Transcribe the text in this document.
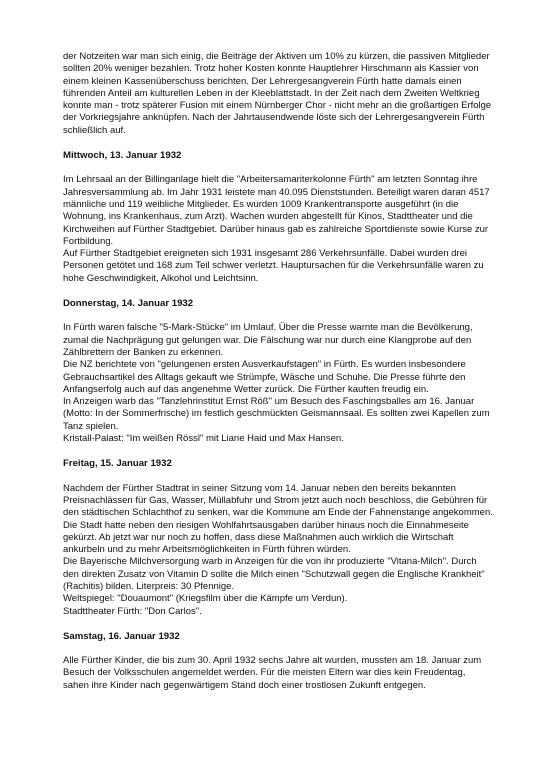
der Notzeiten war man sich einig, die Beiträge der Aktiven um 10% zu kürzen, die passiven Mitglieder sollten 20% weniger bezahlen. Trotz hoher Kosten konnte Hauptlehrer Hirschmann als Kassier von einem kleinen Kassenüberschuss berichten. Der Lehrergesangverein Fürth hatte damals einen führenden Anteil am kulturellen Leben in der Kleeblattstadt. In der Zeit nach dem Zweiten Weltkrieg konnte man - trotz späterer Fusion mit einem Nürnberger Chor - nicht mehr an die großartigen Erfolge der Vorkriegsjahre anknüpfen. Nach der Jahrtausendwende löste sich der Lehrergesangverein Fürth schließlich auf.

Mittwoch, 13. Januar 1932

Im Lehrsaal an der Billinganlage hielt die "Arbeitersamariterkolonne Fürth" am letzten Sonntag ihre Jahresversammlung ab. Im Jahr 1931 leistete man 40.095 Dienststunden. Beteiligt waren daran 4517 männliche und 119 weibliche Mitglieder. Es wurden 1009 Krankentransporte ausgeführt (in die Wohnung, ins Krankenhaus, zum Arzt). Wachen wurden abgestellt für Kinos, Stadttheater und die Kirchweihen auf Fürther Stadtgebiet. Darüber hinaus gab es zahlreiche Sportdienste sowie Kurse zur Fortbildung.

Auf Fürther Stadtgebiet ereigneten sich 1931 insgesamt 286 Verkehrsunfälle. Dabei wurden drei Personen getötet und 168 zum Teil schwer verletzt. Hauptursachen für die Verkehrsunfälle waren zu hohe Geschwindigkeit, Alkohol und Leichtsinn.

Donnerstag, 14. Januar 1932

In Fürth waren falsche "5-Mark-Stücke" im Umlauf. Über die Presse warnte man die Bevölkerung, zumal die Nachprägung gut gelungen war. Die Fälschung war nur durch eine Klangprobe auf den Zählbrettern der Banken zu erkennen.

Die NZ berichtete von "gelungenen ersten Ausverkaufstagen" in Fürth. Es wurden insbesondere Gebrauchsartikel des Alltags gekauft wie Strümpfe, Wäsche und Schuhe. Die Presse führte den Anfangserfolg auch auf das angenehme Wetter zurück. Die Fürther kauften freudig ein.

In Anzeigen warb das "Tanzlehrinstitut Ernst Röß" um Besuch des Faschingsballes am 16. Januar (Motto: In der Sommerfrische) im festlich geschmückten Geismannsaal. Es sollten zwei Kapellen zum Tanz spielen.

Kristall-Palast: "Im weißen Rössl" mit Liane Haid und Max Hansen.

Freitag, 15. Januar 1932

Nachdem der Fürther Stadtrat in seiner Sitzung vom 14. Januar neben den bereits bekannten Preisnachlässen für Gas, Wasser, Müllabfuhr und Strom jetzt auch noch beschloss, die Gebühren für den städtischen Schlachthof zu senken, war die Kommune am Ende der Fahnenstange angekommen. Die Stadt hatte neben den riesigen Wohlfahrtsausgaben darüber hinaus noch die Einnahmeseite gekürzt. Ab jetzt war nur noch zu hoffen, dass diese Maßnahmen auch wirklich die Wirtschaft ankurbeln und zu mehr Arbeitsmöglichkeiten in Fürth führen würden.

Die Bayerische Milchversorgung warb in Anzeigen für die von ihr produzierte "Vitana-Milch". Durch den direkten Zusatz von Vitamin D sollte die Milch einen "Schutzwall gegen die Englische Krankheit" (Rachitis) bilden. Literpreis: 30 Pfennige.

Weltspiegel: "Douaumont" (Kriegsfilm über die Kämpfe um Verdun).

Stadttheater Fürth: "Don Carlos".

Samstag, 16. Januar 1932

Alle Fürther Kinder, die bis zum 30. April 1932 sechs Jahre alt wurden, mussten am 18. Januar zum Besuch der Volksschulen angemeldet werden. Für die meisten Eltern war dies kein Freudentag, sahen ihre Kinder nach gegenwärtigem Stand doch einer trostlosen Zukunft entgegen.
